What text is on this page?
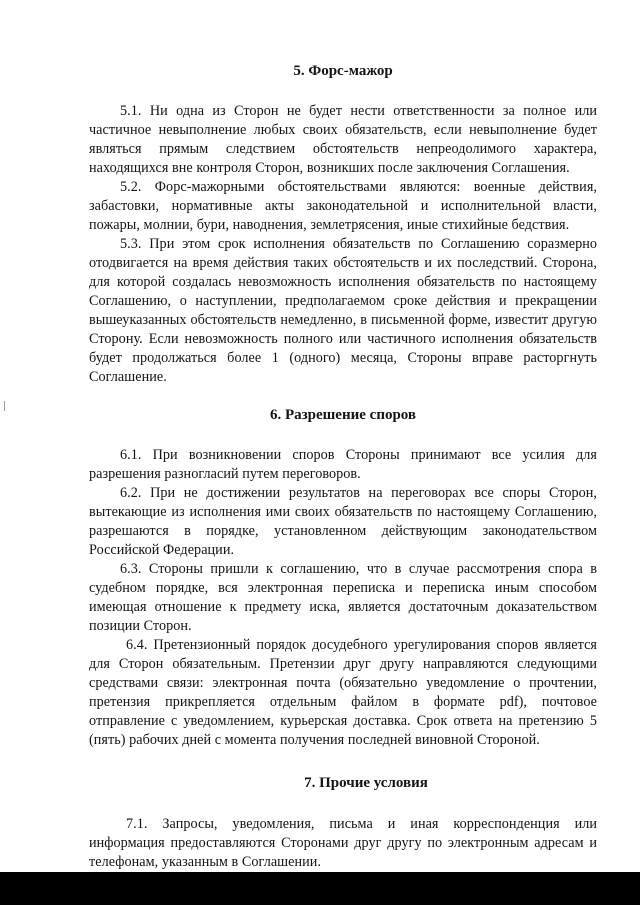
5. Форс-мажор

5.1. Ни одна из Сторон не будет нести ответственности за полное или частичное невыполнение любых своих обязательств, если невыполнение будет являться прямым следствием обстоятельств непреодолимого характера, находящихся вне контроля Сторон, возникших после заключения Соглашения.

5.2. Форс-мажорными обстоятельствами являются: военные действия, забастовки, нормативные акты законодательной и исполнительной власти, пожары, молнии, бури, наводнения, землетрясения, иные стихийные бедствия.

5.3. При этом срок исполнения обязательств по Соглашению соразмерно отодвигается на время действия таких обстоятельств и их последствий. Сторона, для которой создалась невозможность исполнения обязательств по настоящему Соглашению, о наступлении, предполагаемом сроке действия и прекращении вышеуказанных обстоятельств немедленно, в письменной форме, известит другую Сторону. Если невозможность полного или частичного исполнения обязательств будет продолжаться более 1 (одного) месяца, Стороны вправе расторгнуть Соглашение.

6. Разрешение споров

6.1. При возникновении споров Стороны принимают все усилия для разрешения разногласий путем переговоров.

6.2. При не достижении результатов на переговорах все споры Сторон, вытекающие из исполнения ими своих обязательств по настоящему Соглашению, разрешаются в порядке, установленном действующим законодательством Российской Федерации.

6.3. Стороны пришли к соглашению, что в случае рассмотрения спора в судебном порядке, вся электронная переписка и переписка иным способом имеющая отношение к предмету иска, является достаточным доказательством позиции Сторон.

6.4. Претензионный порядок досудебного урегулирования споров является для Сторон обязательным. Претензии друг другу направляются следующими средствами связи: электронная почта (обязательно уведомление о прочтении, претензия прикрепляется отдельным файлом в формате pdf), почтовое отправление с уведомлением, курьерская доставка. Срок ответа на претензию 5 (пять) рабочих дней с момента получения последней виновной Стороной.

7. Прочие условия

7.1. Запросы, уведомления, письма и иная корреспонденция или информация предоставляются Сторонами друг другу по электронным адресам и телефонам, указанным в Соглашении.
